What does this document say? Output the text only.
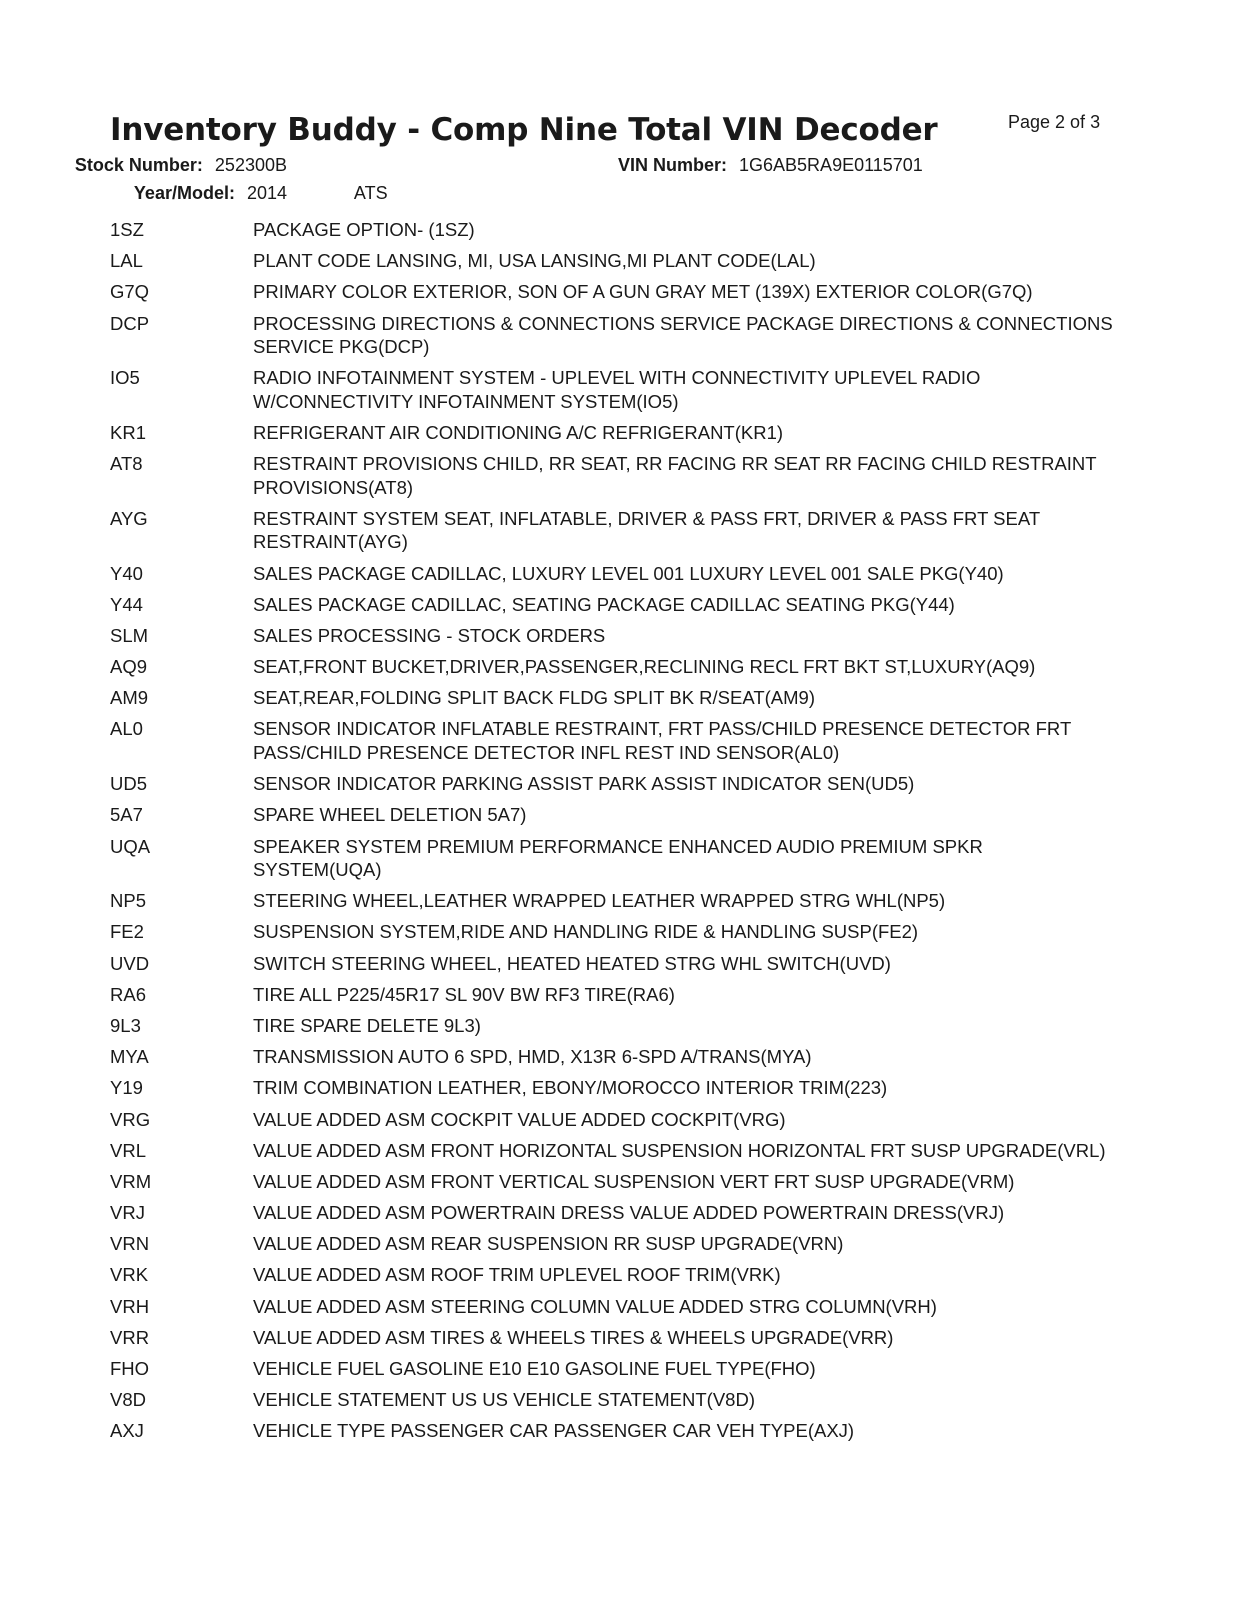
Inventory Buddy - Comp Nine Total VIN Decoder	Page 2 of 3
Stock Number: 252300B
Year/Model: 2014	ATS
VIN Number: 1G6AB5RA9E0115701
1SZ	PACKAGE OPTION- (1SZ)
LAL	PLANT CODE LANSING, MI, USA LANSING,MI PLANT CODE(LAL)
G7Q	PRIMARY COLOR EXTERIOR, SON OF A GUN GRAY MET (139X) EXTERIOR COLOR(G7Q)
DCP	PROCESSING DIRECTIONS & CONNECTIONS SERVICE PACKAGE DIRECTIONS & CONNECTIONS SERVICE PKG(DCP)
IO5	RADIO INFOTAINMENT SYSTEM - UPLEVEL WITH CONNECTIVITY UPLEVEL RADIO W/CONNECTIVITY INFOTAINMENT SYSTEM(IO5)
KR1	REFRIGERANT AIR CONDITIONING A/C REFRIGERANT(KR1)
AT8	RESTRAINT PROVISIONS CHILD, RR SEAT, RR FACING RR SEAT RR FACING CHILD RESTRAINT PROVISIONS(AT8)
AYG	RESTRAINT SYSTEM SEAT, INFLATABLE, DRIVER & PASS FRT, DRIVER & PASS FRT SEAT RESTRAINT(AYG)
Y40	SALES PACKAGE CADILLAC, LUXURY LEVEL 001 LUXURY LEVEL 001 SALE PKG(Y40)
Y44	SALES PACKAGE CADILLAC, SEATING PACKAGE CADILLAC SEATING PKG(Y44)
SLM	SALES PROCESSING - STOCK ORDERS
AQ9	SEAT,FRONT BUCKET,DRIVER,PASSENGER,RECLINING RECL FRT BKT ST,LUXURY(AQ9)
AM9	SEAT,REAR,FOLDING SPLIT BACK FLDG SPLIT BK R/SEAT(AM9)
AL0	SENSOR INDICATOR INFLATABLE RESTRAINT, FRT PASS/CHILD PRESENCE DETECTOR FRT PASS/CHILD PRESENCE DETECTOR INFL REST IND SENSOR(AL0)
UD5	SENSOR INDICATOR PARKING ASSIST PARK ASSIST INDICATOR SEN(UD5)
5A7	SPARE WHEEL DELETION 5A7)
UQA	SPEAKER SYSTEM PREMIUM PERFORMANCE ENHANCED AUDIO PREMIUM SPKR SYSTEM(UQA)
NP5	STEERING WHEEL,LEATHER WRAPPED LEATHER WRAPPED STRG WHL(NP5)
FE2	SUSPENSION SYSTEM,RIDE AND HANDLING RIDE & HANDLING SUSP(FE2)
UVD	SWITCH STEERING WHEEL, HEATED HEATED STRG WHL SWITCH(UVD)
RA6	TIRE ALL P225/45R17 SL 90V BW RF3 TIRE(RA6)
9L3	TIRE SPARE DELETE 9L3)
MYA	TRANSMISSION AUTO 6 SPD, HMD, X13R 6-SPD A/TRANS(MYA)
Y19	TRIM COMBINATION LEATHER, EBONY/MOROCCO INTERIOR TRIM(223)
VRG	VALUE ADDED ASM COCKPIT VALUE ADDED COCKPIT(VRG)
VRL	VALUE ADDED ASM FRONT HORIZONTAL SUSPENSION HORIZONTAL FRT SUSP UPGRADE(VRL)
VRM	VALUE ADDED ASM FRONT VERTICAL SUSPENSION VERT FRT SUSP UPGRADE(VRM)
VRJ	VALUE ADDED ASM POWERTRAIN DRESS VALUE ADDED POWERTRAIN DRESS(VRJ)
VRN	VALUE ADDED ASM REAR SUSPENSION RR SUSP UPGRADE(VRN)
VRK	VALUE ADDED ASM ROOF TRIM UPLEVEL ROOF TRIM(VRK)
VRH	VALUE ADDED ASM STEERING COLUMN VALUE ADDED STRG COLUMN(VRH)
VRR	VALUE ADDED ASM TIRES & WHEELS TIRES & WHEELS UPGRADE(VRR)
FHO	VEHICLE FUEL GASOLINE E10 E10 GASOLINE FUEL TYPE(FHO)
V8D	VEHICLE STATEMENT US US VEHICLE STATEMENT(V8D)
AXJ	VEHICLE TYPE PASSENGER CAR PASSENGER CAR VEH TYPE(AXJ)
